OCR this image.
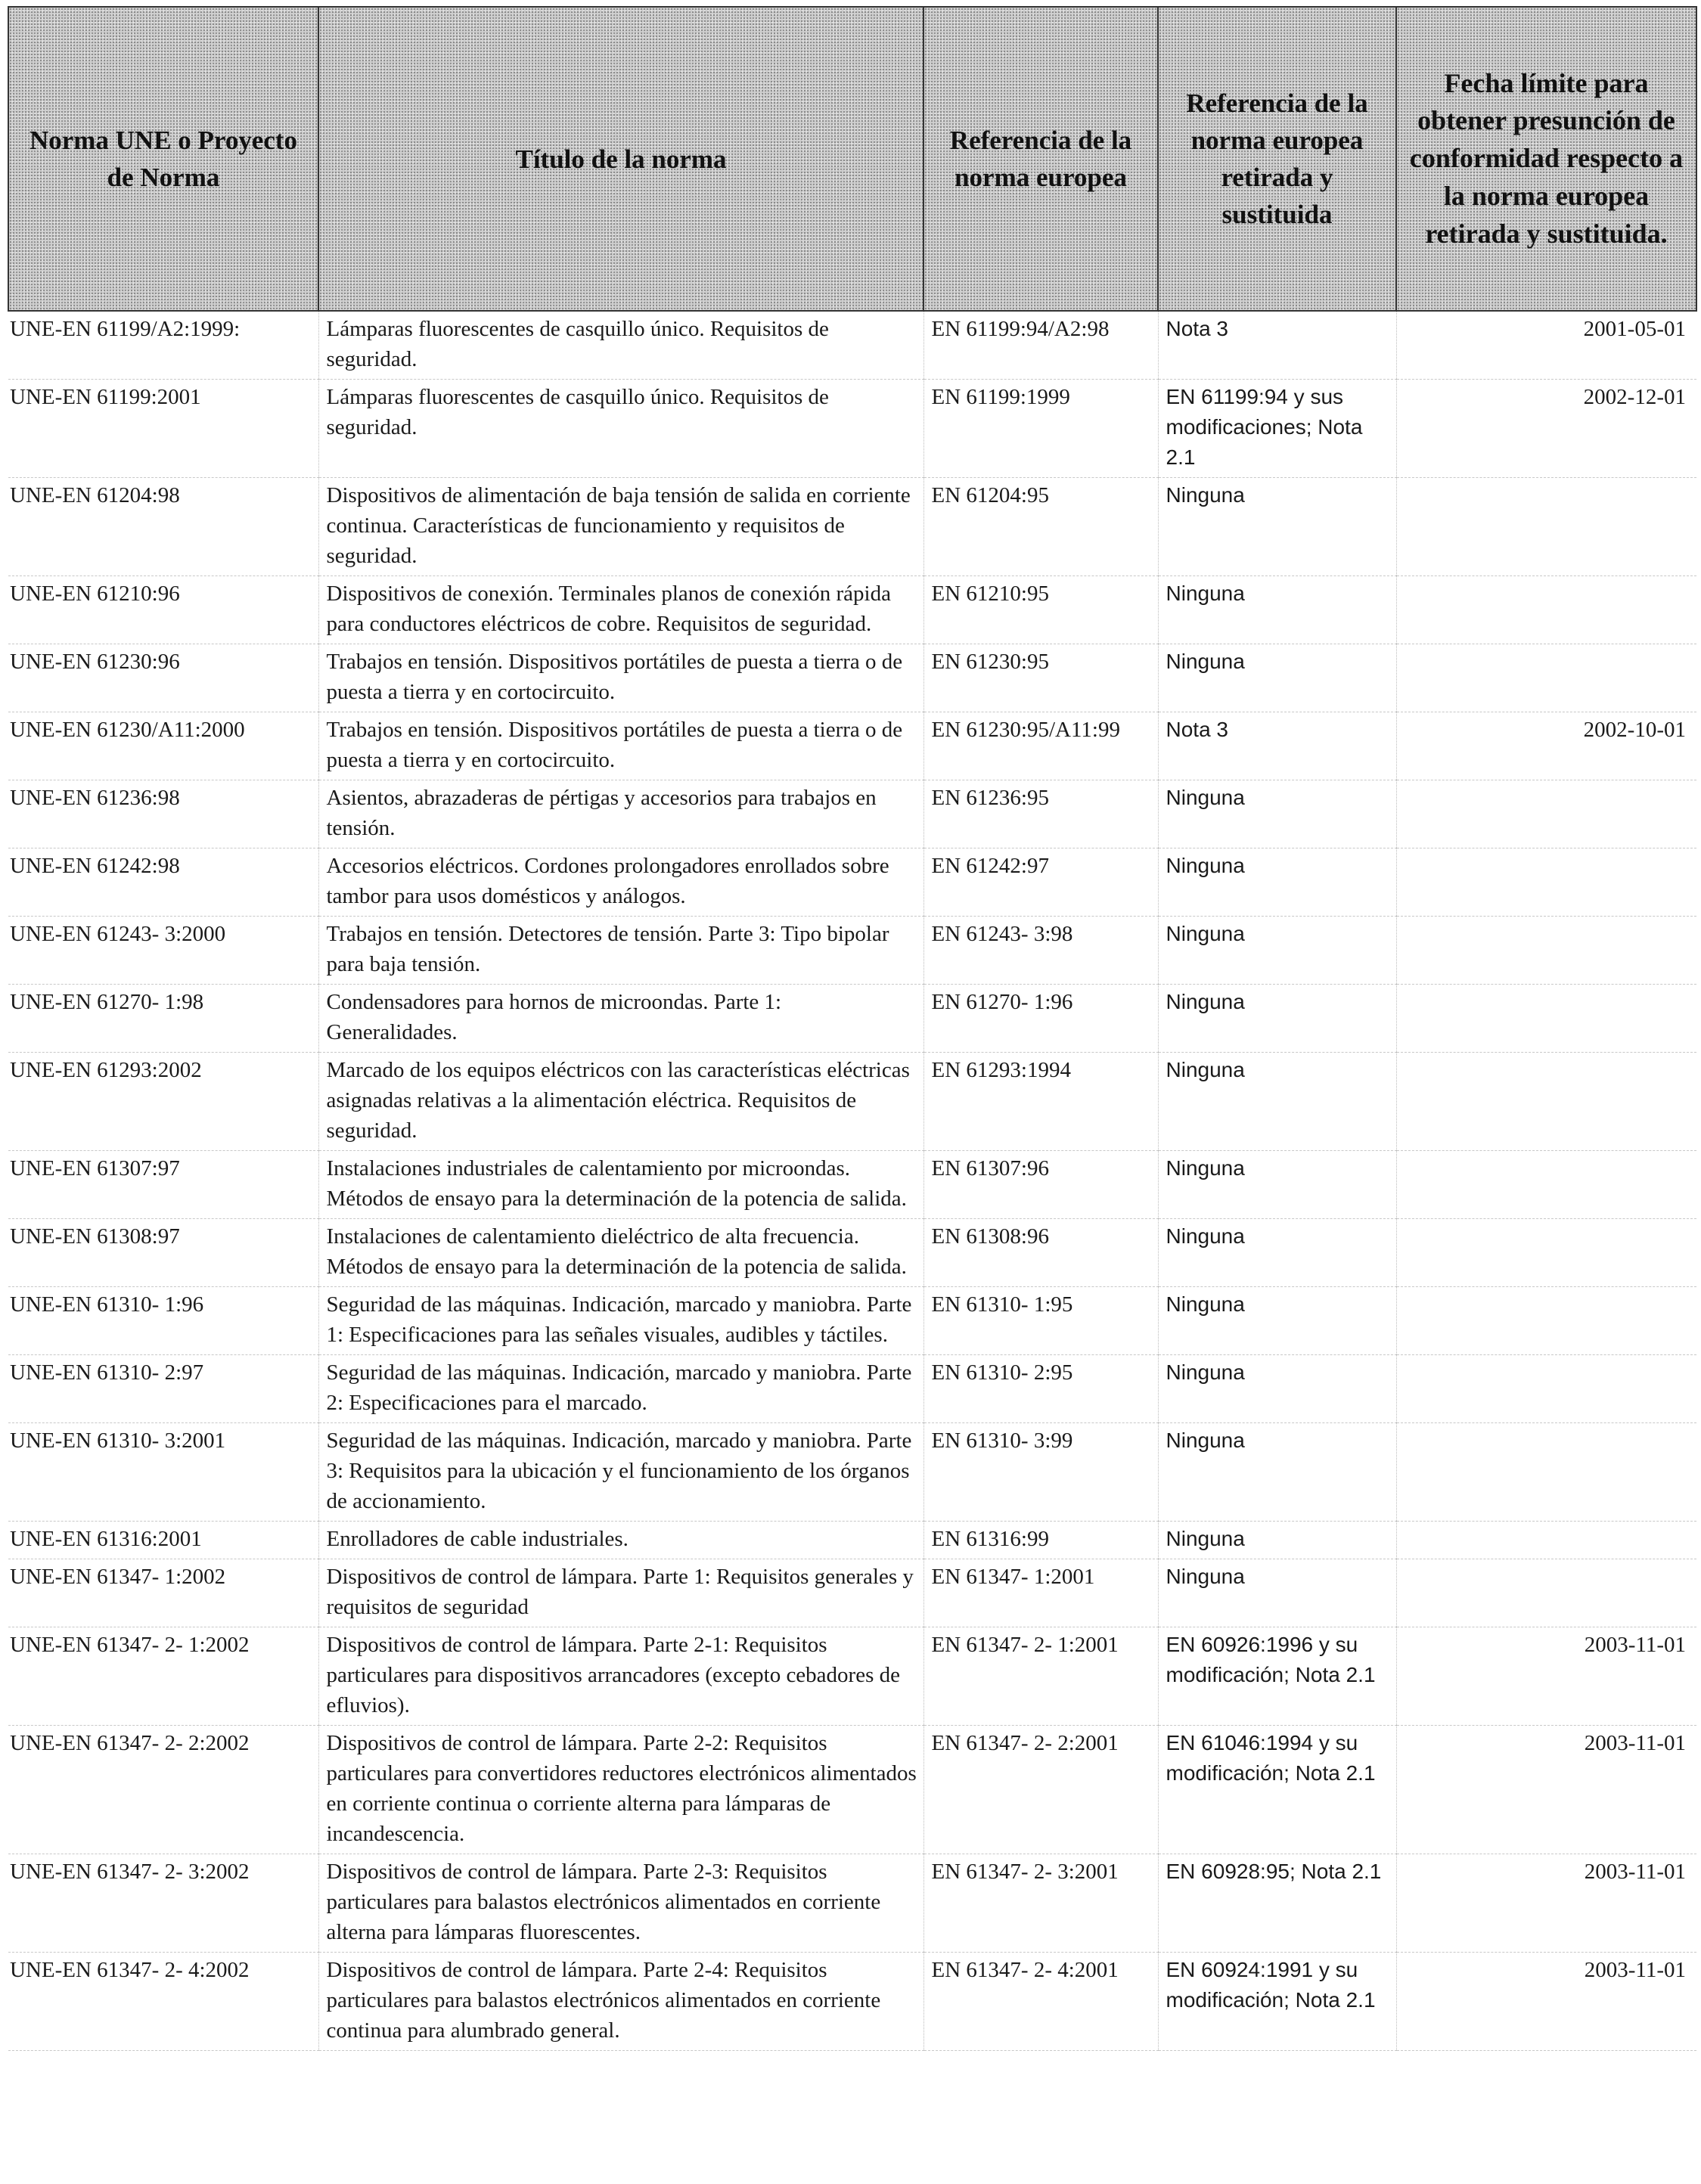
Norma UNE o Proyecto de Norma	Título de la norma	Referencia de la norma europea	Referencia de la norma europea retirada y sustituida	Fecha límite para obtener presunción de conformidad respecto a la norma europea retirada y sustituida.
UNE-EN 61199/A2:1999:	Lámparas fluorescentes de casquillo único. Requisitos de seguridad.	EN 61199:94/A2:98	Nota 3	2001-05-01
UNE-EN 61199:2001	Lámparas fluorescentes de casquillo único. Requisitos de seguridad.	EN 61199:1999	EN 61199:94 y sus modificaciones; Nota 2.1	2002-12-01
UNE-EN 61204:98	Dispositivos de alimentación de baja tensión de salida en corriente continua. Características de funcionamiento y requisitos de seguridad.	EN 61204:95	Ninguna	
UNE-EN 61210:96	Dispositivos de conexión. Terminales planos de conexión rápida para conductores eléctricos de cobre. Requisitos de seguridad.	EN 61210:95	Ninguna	
UNE-EN 61230:96	Trabajos en tensión. Dispositivos portátiles de puesta a tierra o de puesta a tierra y en cortocircuito.	EN 61230:95	Ninguna	
UNE-EN 61230/A11:2000	Trabajos en tensión. Dispositivos portátiles de puesta a tierra o de puesta a tierra y en cortocircuito.	EN 61230:95/A11:99	Nota 3	2002-10-01
UNE-EN 61236:98	Asientos, abrazaderas de pértigas y accesorios para trabajos en tensión.	EN 61236:95	Ninguna	
UNE-EN 61242:98	Accesorios eléctricos. Cordones prolongadores enrollados sobre tambor para usos domésticos y análogos.	EN 61242:97	Ninguna	
UNE-EN 61243- 3:2000	Trabajos en tensión. Detectores de tensión. Parte 3: Tipo bipolar para baja tensión.	EN 61243- 3:98	Ninguna	
UNE-EN 61270- 1:98	Condensadores para hornos de microondas. Parte 1: Generalidades.	EN 61270- 1:96	Ninguna	
UNE-EN 61293:2002	Marcado de los equipos eléctricos con las características eléctricas asignadas relativas a la alimentación eléctrica. Requisitos de seguridad.	EN 61293:1994	Ninguna	
UNE-EN 61307:97	Instalaciones industriales de calentamiento por microondas. Métodos de ensayo para la determinación de la potencia de salida.	EN 61307:96	Ninguna	
UNE-EN 61308:97	Instalaciones de calentamiento dieléctrico de alta frecuencia. Métodos de ensayo para la determinación de la potencia de salida.	EN 61308:96	Ninguna	
UNE-EN 61310- 1:96	Seguridad de las máquinas. Indicación, marcado y maniobra. Parte 1: Especificaciones para las señales visuales, audibles y táctiles.	EN 61310- 1:95	Ninguna	
UNE-EN 61310- 2:97	Seguridad de las máquinas. Indicación, marcado y maniobra. Parte 2: Especificaciones para el marcado.	EN 61310- 2:95	Ninguna	
UNE-EN 61310- 3:2001	Seguridad de las máquinas. Indicación, marcado y maniobra. Parte 3: Requisitos para la ubicación y el funcionamiento de los órganos de accionamiento.	EN 61310- 3:99	Ninguna	
UNE-EN 61316:2001	Enrolladores de cable industriales.	EN 61316:99	Ninguna	
UNE-EN 61347- 1:2002	Dispositivos de control de lámpara. Parte 1: Requisitos generales y requisitos de seguridad	EN 61347- 1:2001	Ninguna	
UNE-EN 61347- 2- 1:2002	Dispositivos de control de lámpara. Parte 2-1: Requisitos particulares para dispositivos arrancadores (excepto cebadores de efluvios).	EN 61347- 2- 1:2001	EN 60926:1996 y su modificación; Nota 2.1	2003-11-01
UNE-EN 61347- 2- 2:2002	Dispositivos de control de lámpara. Parte 2-2: Requisitos particulares para convertidores reductores electrónicos alimentados en corriente continua o corriente alterna para lámparas de incandescencia.	EN 61347- 2- 2:2001	EN 61046:1994 y su modificación; Nota 2.1	2003-11-01
UNE-EN 61347- 2- 3:2002	Dispositivos de control de lámpara. Parte 2-3: Requisitos particulares para balastos electrónicos alimentados en corriente alterna para lámparas fluorescentes.	EN 61347- 2- 3:2001	EN 60928:95; Nota 2.1	2003-11-01
UNE-EN 61347- 2- 4:2002	Dispositivos de control de lámpara. Parte 2-4: Requisitos particulares para balastos electrónicos alimentados en corriente continua para alumbrado general.	EN 61347- 2- 4:2001	EN 60924:1991 y su modificación; Nota 2.1	2003-11-01
